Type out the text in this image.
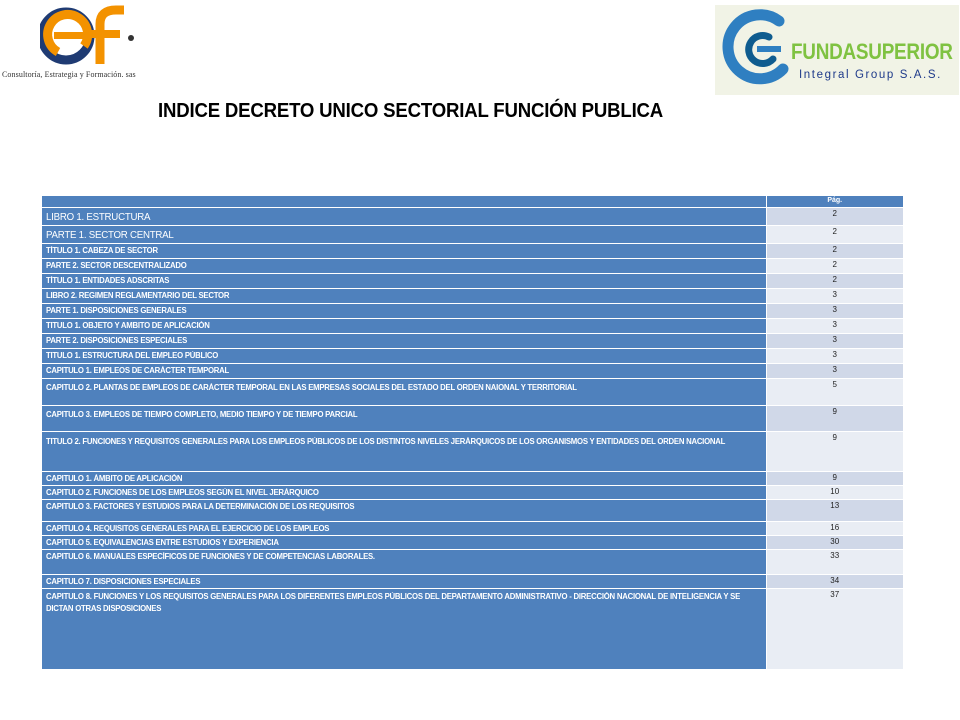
Consultoría, Estrategia y Formación. sas
FUNDASUPERIOR
Integral Group S.A.S.
INDICE DECRETO UNICO SECTORIAL FUNCIÓN PUBLICA
	Pág.
LIBRO 1. ESTRUCTURA	2
PARTE 1. SECTOR CENTRAL	2
TÍTULO 1. CABEZA DE SECTOR	2
PARTE 2. SECTOR DESCENTRALIZADO	2
TÍTULO 1. ENTIDADES ADSCRITAS	2
LIBRO 2. REGIMEN REGLAMENTARIO DEL SECTOR	3
PARTE 1. DISPOSICIONES GENERALES	3
TITULO 1. OBJETO Y AMBITO DE APLICACIÓN	3
PARTE 2. DISPOSICIONES ESPECIALES	3
TITULO 1. ESTRUCTURA DEL EMPLEO PÚBLICO	3
CAPITULO 1. EMPLEOS DE CARÁCTER TEMPORAL	3
CAPITULO 2. PLANTAS DE EMPLEOS DE CARÁCTER TEMPORAL EN LAS EMPRESAS SOCIALES DEL ESTADO DEL ORDEN NAIONAL Y TERRITORIAL	5
CAPITULO 3. EMPLEOS DE TIEMPO COMPLETO, MEDIO TIEMPO Y DE TIEMPO PARCIAL	9
TITULO 2. FUNCIONES Y REQUISITOS GENERALES PARA LOS EMPLEOS PÚBLICOS DE LOS DISTINTOS NIVELES JERÁRQUICOS DE LOS ORGANISMOS Y ENTIDADES DEL ORDEN NACIONAL	9
CAPITULO 1. ÁMBITO DE APLICACIÓN	9
CAPITULO 2. FUNCIONES DE LOS EMPLEOS SEGÚN EL NIVEL JERÁRQUICO	10
CAPITULO 3. FACTORES Y ESTUDIOS PARA LA DETERMINACIÓN DE LOS REQUISITOS	13
CAPITULO 4. REQUISITOS GENERALES PARA EL EJERCICIO DE LOS EMPLEOS	16
CAPITULO 5. EQUIVALENCIAS ENTRE ESTUDIOS Y EXPERIENCIA	30
CAPITULO 6. MANUALES ESPECÍFICOS DE FUNCIONES Y DE COMPETENCIAS LABORALES.	33
CAPITULO 7. DISPOSICIONES ESPECIALES	34
CAPITULO 8. FUNCIONES Y LOS REQUISITOS GENERALES PARA LOS DIFERENTES EMPLEOS PÚBLICOS DEL DEPARTAMENTO ADMINISTRATIVO - DIRECCIÓN NACIONAL DE INTELIGENCIA Y SE DICTAN OTRAS DISPOSICIONES	37
